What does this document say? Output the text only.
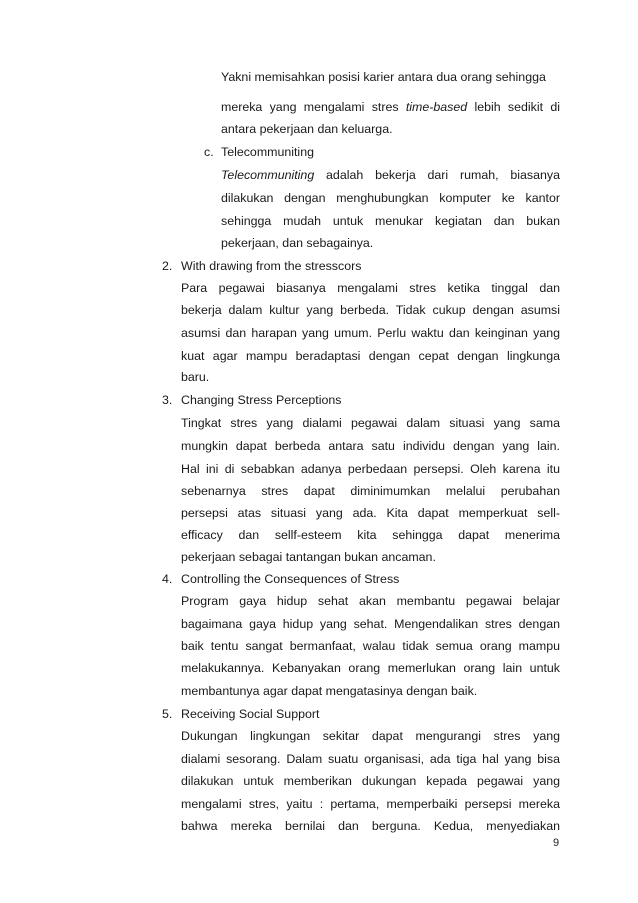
Yakni memisahkan posisi karier antara dua orang sehingga
mereka yang mengalami stres time-based lebih sedikit di
antara pekerjaan dan keluarga.
c. Telecommuniting
Telecommuniting adalah bekerja dari rumah, biasanya
dilakukan dengan menghubungkan komputer ke kantor
sehingga mudah untuk menukar kegiatan dan bukan
pekerjaan, dan sebagainya.
2. With drawing from the stresscors
Para pegawai biasanya mengalami stres ketika tinggal dan
bekerja dalam kultur yang berbeda. Tidak cukup dengan asumsi
asumsi dan harapan yang umum. Perlu waktu dan keinginan yang
kuat agar mampu beradaptasi dengan cepat dengan lingkunga
baru.
3. Changing Stress Perceptions
Tingkat stres yang dialami pegawai dalam situasi yang sama
mungkin dapat berbeda antara satu individu dengan yang lain.
Hal ini di sebabkan adanya perbedaan persepsi. Oleh karena itu
sebenarnya stres dapat diminimumkan melalui perubahan
persepsi atas situasi yang ada. Kita dapat memperkuat sell-
efficacy dan sellf-esteem kita sehingga dapat menerima
pekerjaan sebagai tantangan bukan ancaman.
4. Controlling the Consequences of Stress
Program gaya hidup sehat akan membantu pegawai belajar
bagaimana gaya hidup yang sehat. Mengendalikan stres dengan
baik tentu sangat bermanfaat, walau tidak semua orang mampu
melakukannya. Kebanyakan orang memerlukan orang lain untuk
membantunya agar dapat mengatasinya dengan baik.
5. Receiving Social Support
Dukungan lingkungan sekitar dapat mengurangi stres yang
dialami sesorang. Dalam suatu organisasi, ada tiga hal yang bisa
dilakukan untuk memberikan dukungan kepada pegawai yang
mengalami stres, yaitu : pertama, memperbaiki persepsi mereka
bahwa mereka bernilai dan berguna. Kedua, menyediakan
9
